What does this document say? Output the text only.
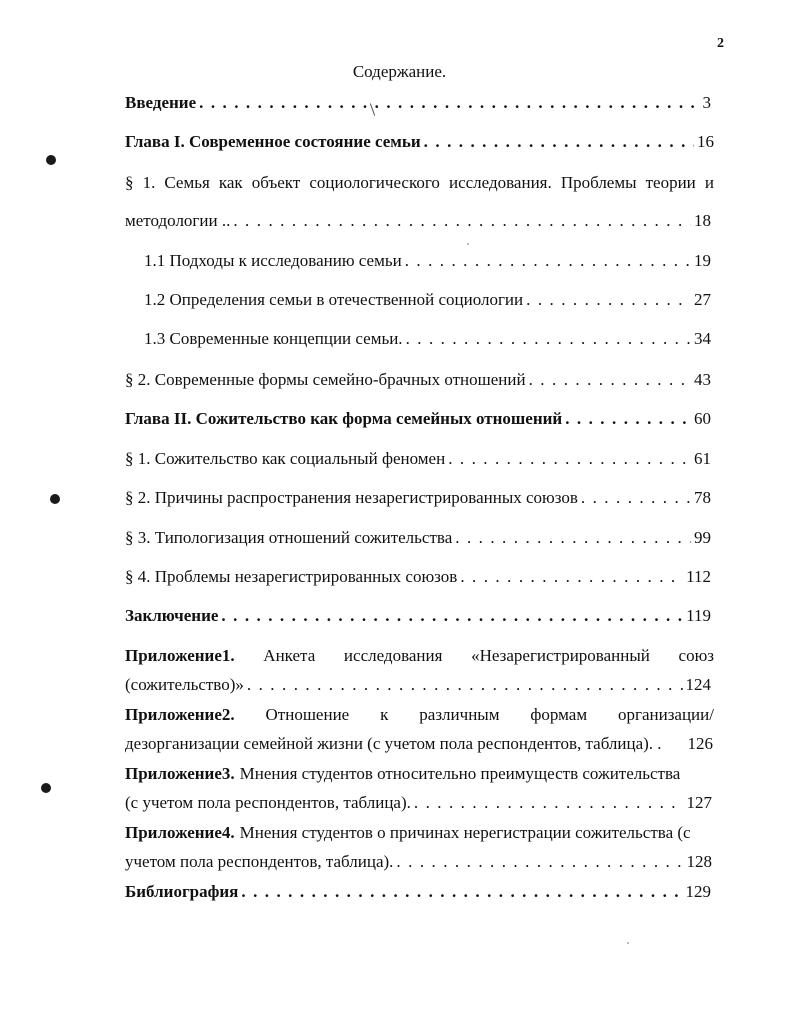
2
Содержание.
Введение . . .	3
Глава I. Современное состояние семьи . . .	16
§ 1. Семья как объект социологического исследования. Проблемы теории и
методологии .. . . .	18
1.1 Подходы к исследованию семьи . . .	19
1.2 Определения семьи в отечественной социологии . . .	27
1.3 Современные концепции семьи. . . .	34
§ 2. Современные формы семейно-брачных отношений . . .	43
Глава II. Сожительство как форма семейных отношений . . .	60
§ 1. Сожительство как социальный феномен . . .	61
§ 2. Причины распространения незарегистрированных союзов . . .	78
§ 3. Типологизация отношений сожительства . . .	99
§ 4. Проблемы незарегистрированных союзов . . .	112
Заключение . . .	119
Приложение1. Анкета исследования «Незарегистрированный союз
(сожительство)» . . .	124
Приложение2. Отношение к различным формам организации/
дезорганизации семейной жизни (с учетом пола респондентов, таблица). . 126
Приложение3. Мнения студентов относительно преимуществ сожительства
(с учетом пола респондентов, таблица). . . .	127
Приложение4. Мнения студентов о причинах нерегистрации сожительства (с
учетом пола респондентов, таблица). . . .	128
Библиография . . .	129
